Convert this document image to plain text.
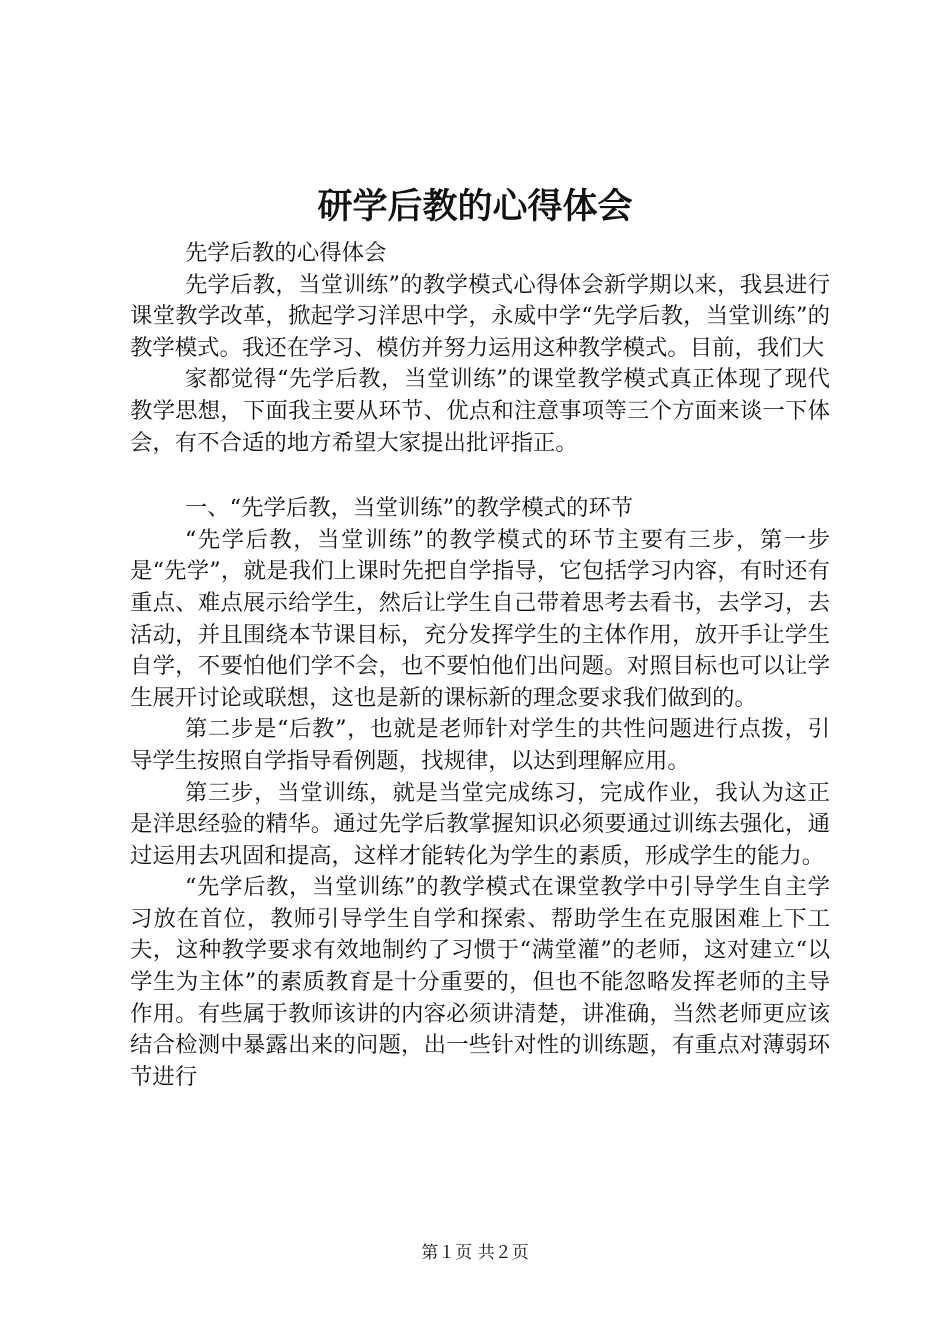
研学后教的心得体会

先学后教的心得体会

先学后教，当堂训练”的教学模式心得体会新学期以来，我县进行课堂教学改革，掀起学习洋思中学，永威中学“先学后教，当堂训练”的教学模式。我还在学习、模仿并努力运用这种教学模式。目前，我们大

家都觉得“先学后教，当堂训练”的课堂教学模式真正体现了现代教学思想，下面我主要从环节、优点和注意事项等三个方面来谈一下体会，有不合适的地方希望大家提出批评指正。

一、“先学后教，当堂训练”的教学模式的环节

“先学后教，当堂训练”的教学模式的环节主要有三步，第一步是“先学”，就是我们上课时先把自学指导，它包括学习内容，有时还有重点、难点展示给学生，然后让学生自己带着思考去看书，去学习，去活动，并且围绕本节课目标，充分发挥学生的主体作用，放开手让学生自学，不要怕他们学不会，也不要怕他们出问题。对照目标也可以让学生展开讨论或联想，这也是新的课标新的理念要求我们做到的。

第二步是“后教”，也就是老师针对学生的共性问题进行点拨，引导学生按照自学指导看例题，找规律，以达到理解应用。

第三步，当堂训练，就是当堂完成练习，完成作业，我认为这正是洋思经验的精华。通过先学后教掌握知识必须要通过训练去强化，通过运用去巩固和提高，这样才能转化为学生的素质，形成学生的能力。

“先学后教，当堂训练”的教学模式在课堂教学中引导学生自主学习放在首位，教师引导学生自学和探索、帮助学生在克服困难上下工夫，这种教学要求有效地制约了习惯于“满堂灌”的老师，这对建立“以学生为主体”的素质教育是十分重要的，但也不能忽略发挥老师的主导作用。有些属于教师该讲的内容必须讲清楚，讲准确，当然老师更应该结合检测中暴露出来的问题，出一些针对性的训练题，有重点对薄弱环节进行

第１页 共２页
